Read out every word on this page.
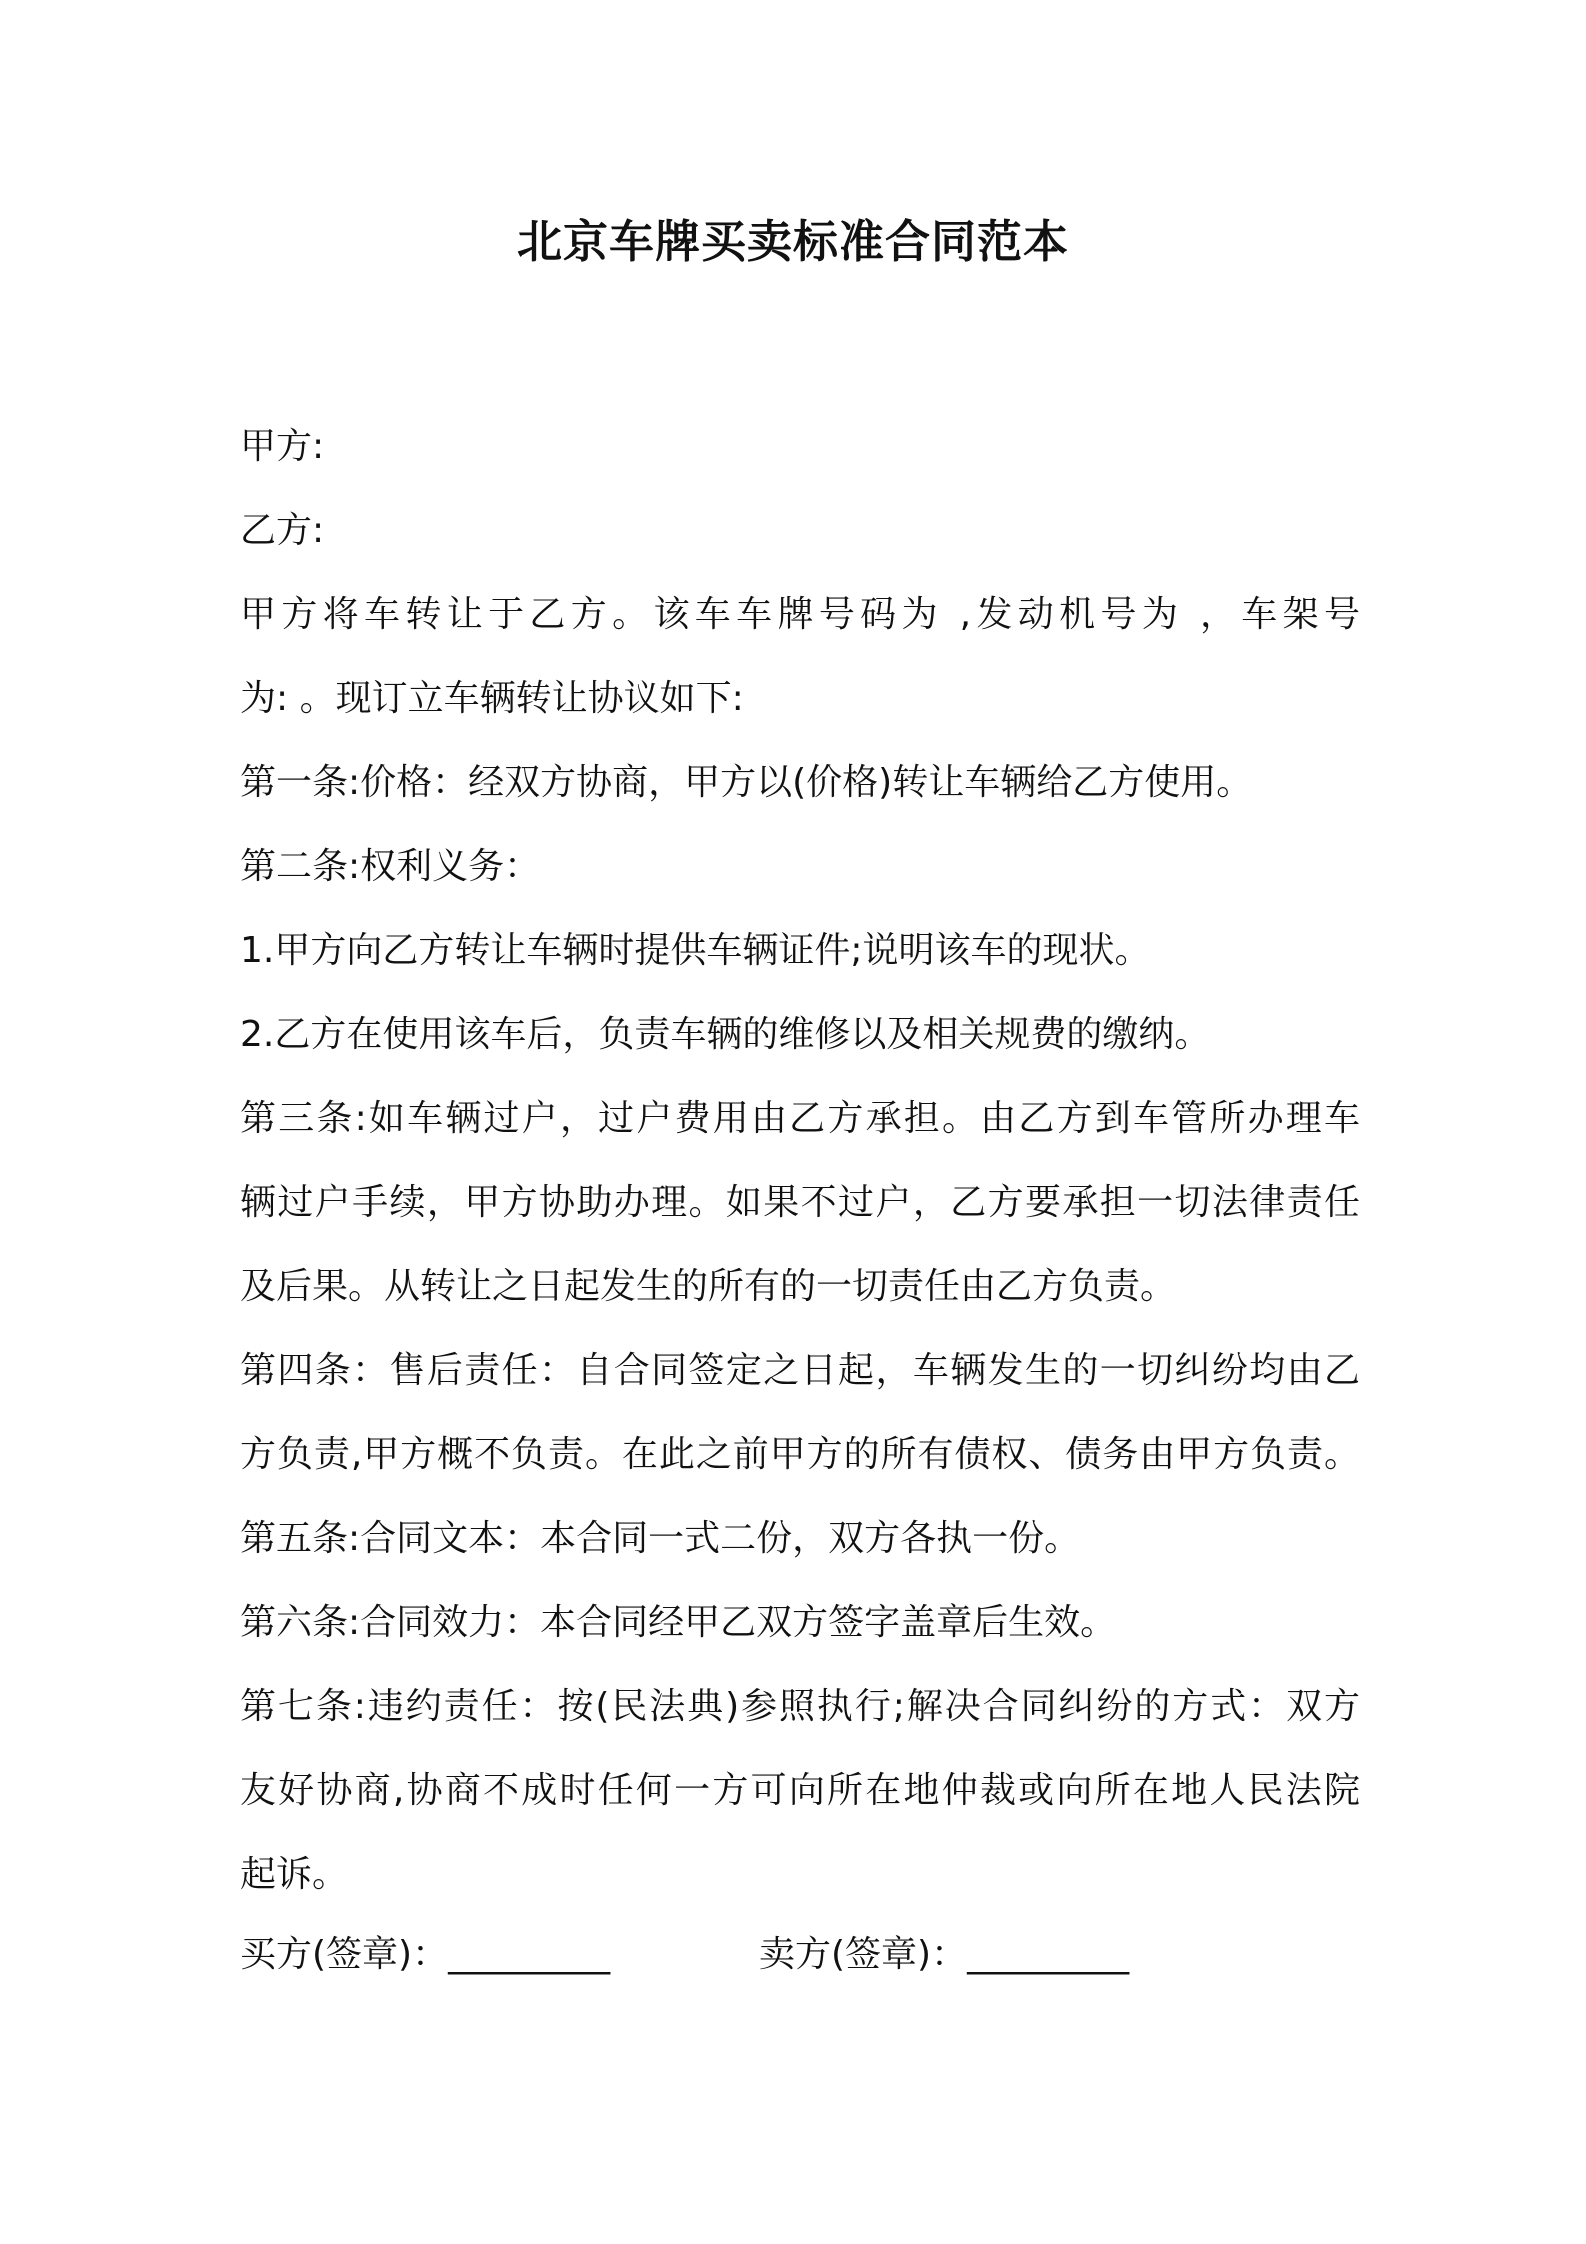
北京车牌买卖标准合同范本

甲方:

乙方:

甲方将车转让于乙方。该车车牌号码为 ,发动机号为 ，车架号

为: 。现订立车辆转让协议如下:

第一条:价格：经双方协商，甲方以(价格)转让车辆给乙方使用。

第二条:权利义务：

1.甲方向乙方转让车辆时提供车辆证件;说明该车的现状。

2.乙方在使用该车后，负责车辆的维修以及相关规费的缴纳。

第三条:如车辆过户，过户费用由乙方承担。由乙方到车管所办理车

辆过户手续，甲方协助办理。如果不过户，乙方要承担一切法律责任

及后果。从转让之日起发生的所有的一切责任由乙方负责。

第四条：售后责任：自合同签定之日起，车辆发生的一切纠纷均由乙

方负责,甲方概不负责。在此之前甲方的所有债权、债务由甲方负责。

第五条:合同文本：本合同一式二份，双方各执一份。

第六条:合同效力：本合同经甲乙双方签字盖章后生效。

第七条:违约责任：按(民法典)参照执行;解决合同纠纷的方式：双方

友好协商,协商不成时任何一方可向所在地仲裁或向所在地人民法院

起诉。

买方(签章)：_________	卖方(签章)：_________
